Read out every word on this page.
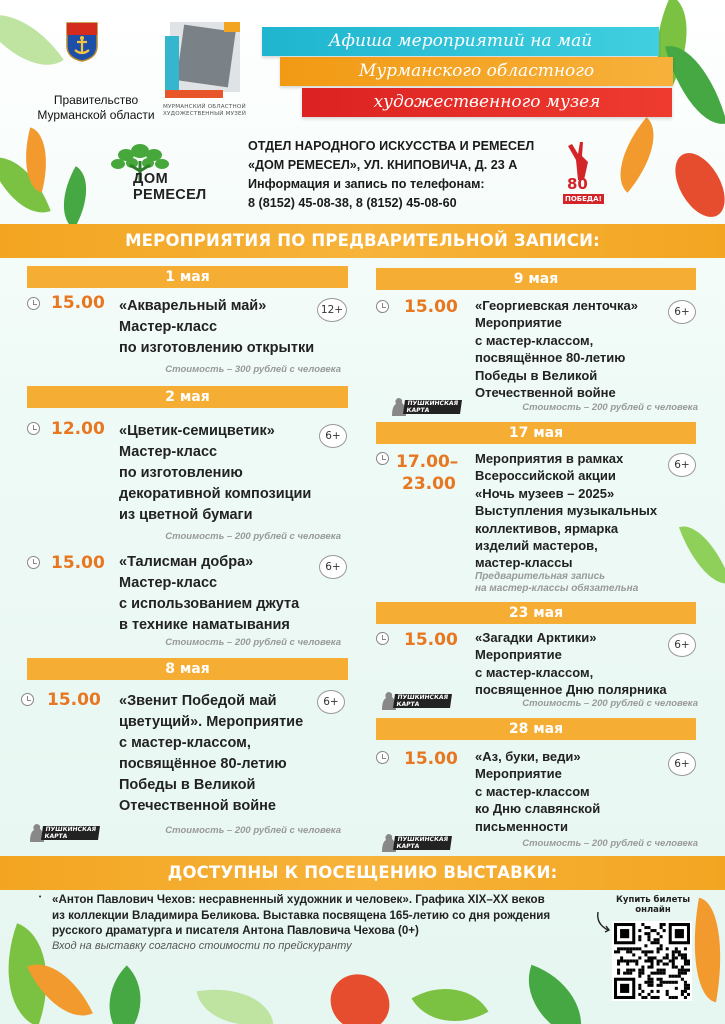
Правительство
Мурманской области
МУРМАНСКИЙ ОБЛАСТНОЙ
ХУДОЖЕСТВЕННЫЙ МУЗЕЙ
Афиша мероприятий на май
Мурманского областного
художественного музея
ДОМ
РЕМЕСЕЛ
ОТДЕЛ НАРОДНОГО ИСКУССТВА И РЕМЕСЕЛ
«ДОМ РЕМЕСЕЛ», УЛ. КНИПОВИЧА, Д. 23 А
Информация и запись по телефонам:
8 (8152) 45-08-38, 8 (8152) 45-08-60
80
ПОБЕДА!
МЕРОПРИЯТИЯ ПО ПРЕДВАРИТЕЛЬНОЙ ЗАПИСИ:
1 мая
15.00 «Акварельный май»
Мастер-класс
по изготовлению открытки
12+
Стоимость – 300 рублей с человека
2 мая
12.00 «Цветик-семицветик»
Мастер-класс
по изготовлению
декоративной композиции
из цветной бумаги
6+
Стоимость – 200 рублей с человека
15.00 «Талисман добра»
Мастер-класс
с использованием джута
в технике наматывания
6+
Стоимость – 200 рублей с человека
8 мая
15.00 «Звенит Победой май
цветущий». Мероприятие
с мастер-классом,
посвящённое 80-летию
Победы в Великой
Отечественной войне
6+
ПУШКИНСКАЯ
КАРТА
Стоимость – 200 рублей с человека
9 мая
15.00 «Георгиевская ленточка»
Мероприятие
с мастер-классом,
посвящённое 80-летию
Победы в Великой
Отечественной войне
6+
ПУШКИНСКАЯ
КАРТА	Стоимость – 200 рублей с человека
17 мая
17.00–
23.00
Мероприятия в рамках
Всероссийской акции
«Ночь музеев – 2025»
Выступления музыкальных
коллективов, ярмарка
изделий мастеров,
мастер-классы
6+
Предварительная запись
на мастер-классы обязательна
23 мая
15.00 «Загадки Арктики»
Мероприятие
с мастер-классом,
посвященное Дню полярника
6+
ПУШКИНСКАЯ
КАРТА	Стоимость – 200 рублей с человека
28 мая
15.00 «Аз, буки, веди»
Мероприятие
с мастер-классом
ко Дню славянской
письменности
6+
ПУШКИНСКАЯ
КАРТА	Стоимость – 200 рублей с человека
ДОСТУПНЫ К ПОСЕЩЕНИЮ ВЫСТАВКИ:
• «Антон Павлович Чехов: несравненный художник и человек». Графика XIX–XX веков
из коллекции Владимира Беликова. Выставка посвящена 165-летию со дня рождения
русского драматурга и писателя Антона Павловича Чехова (0+)
Вход на выставку согласно стоимости по прейскуранту
Купить билеты
онлайн
